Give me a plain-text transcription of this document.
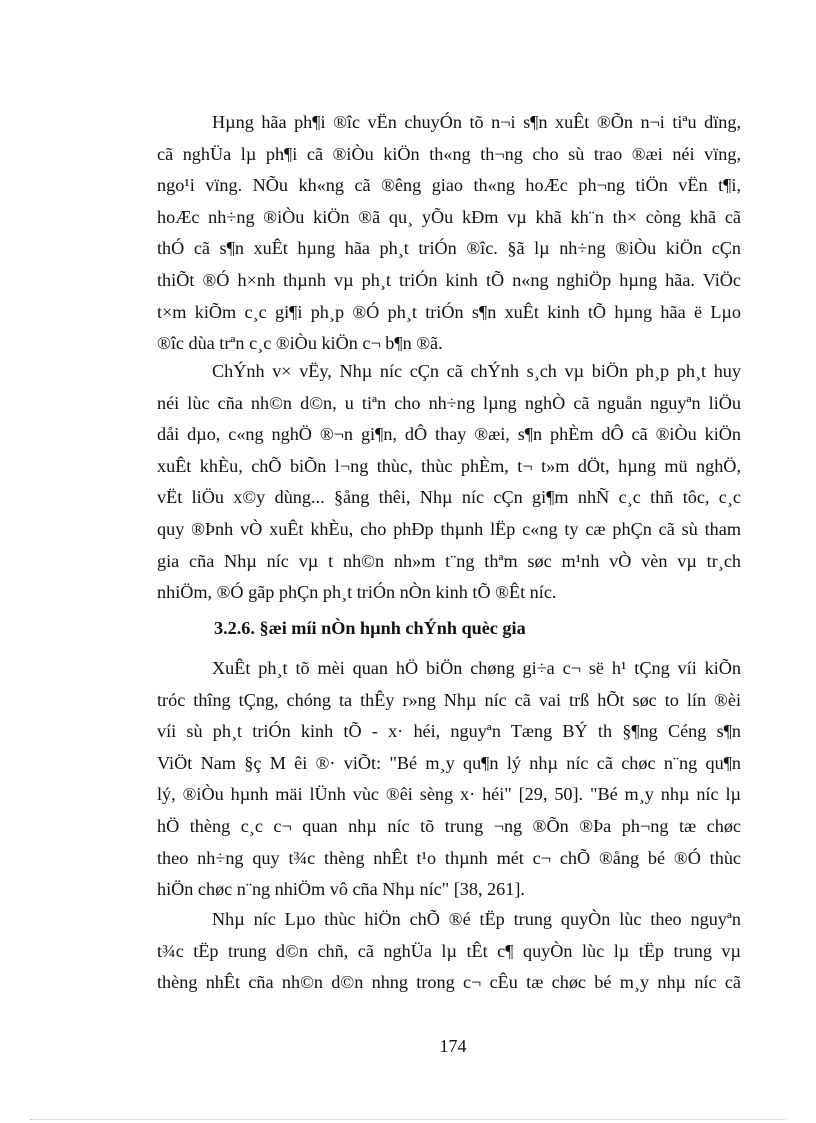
Hµng hãa ph¶i ®îc vËn chuyÓn tõ n¬i s¶n xuÊt ®Õn n¬i tiªu dïng,
cã nghÜa lµ ph¶i cã ®iÒu kiÖn th«ng th¬ng cho sù trao ®æi néi vïng,
ngo¹i vïng. NÕu kh«ng cã ®êng giao th«ng hoÆc ph¬ng tiÖn vËn t¶i,
hoÆc nh÷ng ®iÒu kiÖn ®ã qu¸ yÕu kÐm vµ khã kh¨n th× còng khã cã
thÓ cã s¶n xuÊt hµng hãa ph¸t triÓn ®îc. §ã lµ nh÷ng ®iÒu kiÖn cÇn
thiÕt ®Ó h×nh thµnh vµ ph¸t triÓn kinh tÕ n«ng nghiÖp hµng hãa. ViÖc
t×m kiÕm c¸c gi¶i ph¸p ®Ó ph¸t triÓn s¶n xuÊt kinh tÕ hµng hãa ë Lµo
®îc dùa trªn c¸c ®iÒu kiÖn c¬ b¶n ®ã.

ChÝnh v× vËy, Nhµ níc cÇn cã chÝnh s¸ch vµ biÖn ph¸p ph¸t huy
néi lùc cña nh©n d©n, u tiªn cho nh÷ng lµng nghÒ cã nguån nguyªn liÖu
dåi dµo, c«ng nghÖ ®¬n gi¶n, dÔ thay ®æi, s¶n phÈm dÔ cã ®iÒu kiÖn
xuÊt khÈu, chÕ biÕn l¬ng thùc, thùc phÈm, t¬ t»m dÖt, hµng mü nghÖ,
vËt liÖu x©y dùng... §ång thêi, Nhµ níc cÇn gi¶m nhÑ c¸c thñ tôc, c¸c
quy ®Þnh vÒ xuÊt khÈu, cho phÐp thµnh lËp c«ng ty cæ phÇn cã sù tham
gia cña Nhµ níc vµ t nh©n nh»m t¨ng thªm søc m¹nh vÒ vèn vµ tr¸ch
nhiÖm, ®Ó gãp phÇn ph¸t triÓn nÒn kinh tÕ ®Êt níc.

3.2.6. §æi míi nÒn hµnh chÝnh quèc gia

XuÊt ph¸t tõ mèi quan hÖ biÖn chøng gi÷a c¬ së h¹ tÇng víi kiÕn
tróc thîng tÇng, chóng ta thÊy r»ng Nhµ níc cã vai trß hÕt søc to lín ®èi
víi sù ph¸t triÓn kinh tÕ - x· héi, nguyªn Tæng BÝ th §¶ng Céng s¶n
ViÖt Nam §ç M êi ®· viÕt: "Bé m¸y qu¶n lý nhµ níc cã chøc n¨ng qu¶n
lý, ®iÒu hµnh mäi lÜnh vùc ®êi sèng x· héi" [29, 50]. "Bé m¸y nhµ níc lµ
hÖ thèng c¸c c¬ quan nhµ níc tõ trung ¬ng ®Õn ®Þa ph¬ng tæ chøc
theo nh÷ng quy t¾c thèng nhÊt t¹o thµnh mét c¬ chÕ ®ång bé ®Ó thùc
hiÖn chøc n¨ng nhiÖm vô cña Nhµ níc" [38, 261].

Nhµ níc Lµo thùc hiÖn chÕ ®é tËp trung quyÒn lùc theo nguyªn
t¾c tËp trung d©n chñ, cã nghÜa lµ tÊt c¶ quyÒn lùc lµ tËp trung vµ
thèng nhÊt cña nh©n d©n nhng trong c¬ cÊu tæ chøc bé m¸y nhµ níc cã

174
